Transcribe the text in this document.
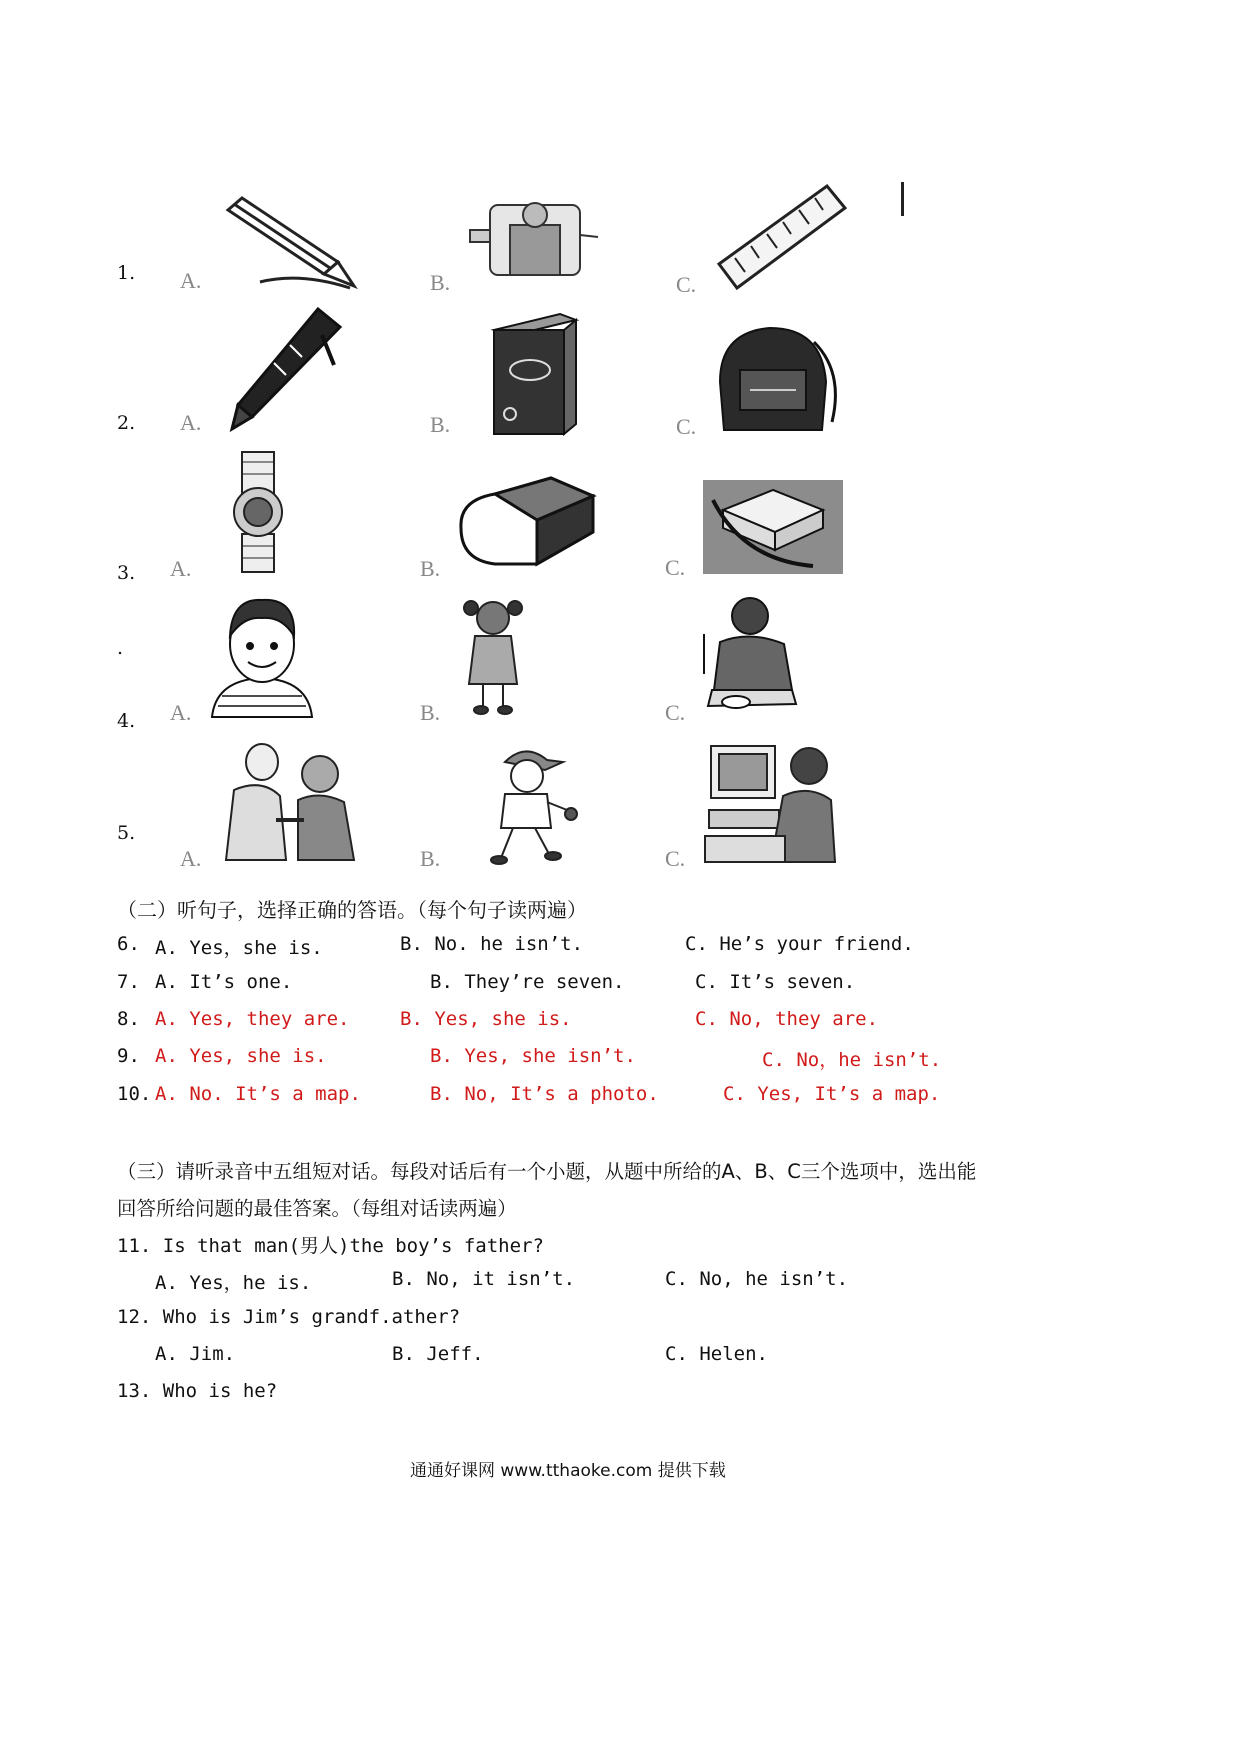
1. A.	B.	C.
2. A.	B.	C.
3. A.	B.	C.
.
4. A.	B.	C.
5.
A.	B.	C.
（二）听句子，选择正确的答语。（每个句子读两遍）
6. A. Yes，she is.	B. No. he isn’t.	C. He’s your friend.
7. A. It’s one.	B. They’re seven.	C. It’s seven.
8. A. Yes, they are.	B. Yes, she is.	C. No, they are.
9. A. Yes, she is.	B. Yes, she isn’t.	C. No，he isn’t.
10. A. No. It’s a map.	B. No, It’s a photo.	C. Yes, It’s a map.
（三）请听录音中五组短对话。每段对话后有一个小题，从题中所给的A、B、C三个选项中，选出能
回答所给问题的最佳答案。（每组对话读两遍）
11. Is that man(男人)the boy’s father?
A. Yes，he is.	B. No, it isn’t.	C. No, he isn’t.
12. Who is Jim’s grandf.ather?
A. Jim.	B. Jeff.	C. Helen.
13. Who is he?
通通好课网 www.tthaoke.com 提供下载
